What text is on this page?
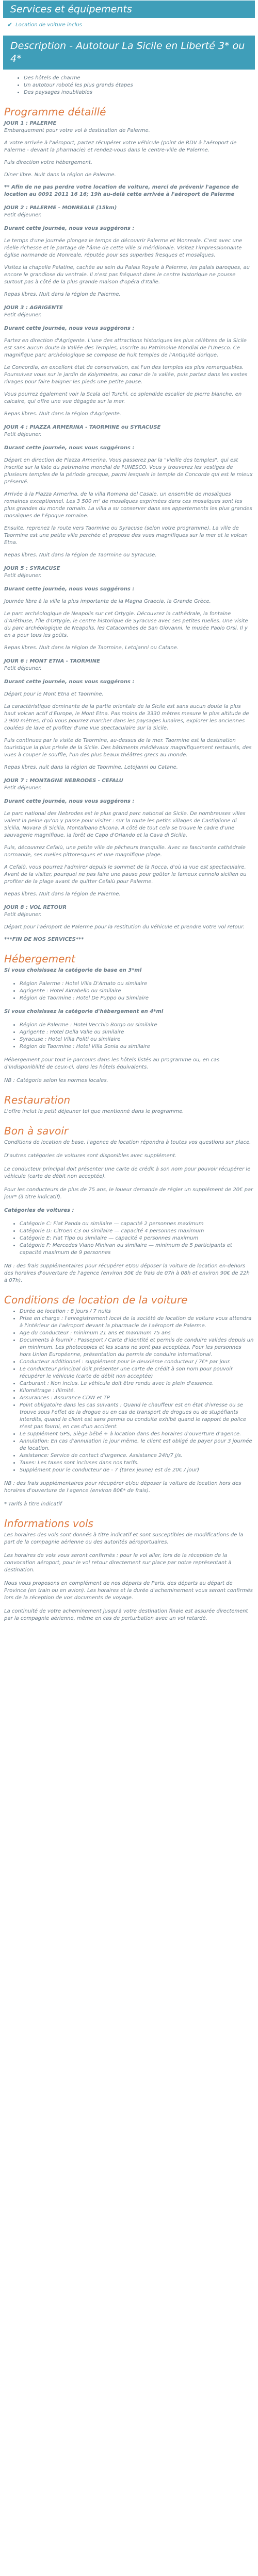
Services et équipements
✔ Location de voiture inclus
Description - Autotour La Sicile en Liberté 3* ou 4*
• Des hôtels de charme
• Un autotour roboté les plus grands étapes
• Des paysages inoubliables
Programme détaillé

JOUR 1 : PALERME

Embarquement pour votre vol à destination de Palerme.

A votre arrivée à l'aéroport, partez récupérer votre véhicule (point de RDV à l'aéroport de Palerme - devant la pharmacie) et rendez-vous dans le centre-ville de Palerme.

Puis direction votre hébergement.

Diner libre. Nuit dans la région de Palerme.

** Afin de ne pas perdre votre location de voiture, merci de prévenir l'agence de location au 0091 2011 16 16; 19h au-delà cette arrivée à l'aéroport de Palerme

JOUR 2 : PALERME - MONREALE (15km)

Petit déjeuner.

Durant cette journée, nous vous suggérons :

Le temps d'une journée plongez le temps de découvrir Palerme et Monreale. C'est avec une réelle richesse et le partage de l'âme de cette ville si méridionale. Visitez l'impressionnante église normande de Monreale, réputée pour ses superbes fresques et mosaïques.

Visitez la chapelle Palatine, cachée au sein du Palais Royale à Palerme, les palais baroques, au encore le grandiose du ventrale. Il n'est pas fréquent dans le centre historique ne pousse surtout pas à côté de la plus grande maison d'opéra d'Italie.

Repas libres. Nuit dans la région de Palerme.

JOUR 3 : AGRIGENTE

Petit déjeuner.

Durant cette journée, nous vous suggérons :

Partez en direction d'Agrigente. L'une des attractions historiques les plus célèbres de la Sicile est sans aucun doute la Vallée des Temples, inscrite au Patrimoine Mondial de l'Unesco. Ce magnifique parc archéologique se compose de huit temples de l'Antiquité dorique.

Le Concordia, en excellent état de conservation, est l'un des temples les plus remarquables. Poursuivez vous sur le jardin de Kolymbetra, au cœur de la vallée, puis partez dans les vastes rivages pour faire baigner les pieds une petite pause.

Vous pourrez également voir la Scala dei Turchi, ce splendide escalier de pierre blanche, en calcaire, qui offre une vue dégagée sur la mer.

Repas libres. Nuit dans la région d'Agrigente.

JOUR 4 : PIAZZA ARMERINA - TAORMINE ou SYRACUSE

Petit déjeuner.

Durant cette journée, nous vous suggérons :

Départ en direction de Piazza Armerina. Vous passerez par la "vieille des temples", qui est inscrite sur la liste du patrimoine mondial de l'UNESCO. Vous y trouverez les vestiges de plusieurs temples de la période grecque, parmi lesquels le temple de Concorde qui est le mieux préservé.

Arrivée à la Piazza Armerina, de la villa Romana del Casale, un ensemble de mosaïques romaines exceptionnel. Les 3 500 m² de mosaïques exprimées dans ces mosaïques sont les plus grandes du monde romain. La villa a su conserver dans ses appartements les plus grandes mosaïques de l'époque romaine.

Ensuite, reprenez la route vers Taormine ou Syracuse (selon votre programme). La ville de Taormine est une petite ville perchée et propose des vues magnifiques sur la mer et le volcan Etna.

Repas libres. Nuit dans la région de Taormine ou Syracuse.

JOUR 5 : SYRACUSE

Petit déjeuner.

Durant cette journée, nous vous suggérons :

Journée libre à la ville la plus importante de la Magna Graecia, la Grande Grèce.

Le parc archéologique de Neapolis sur cet Ortygie. Découvrez la cathédrale, la fontaine d'Aréthuse, l'île d'Ortygie, le centre historique de Syracuse avec ses petites ruelles. Une visite du parc archéologique de Neapolis, les Catacombes de San Giovanni, le musée Paolo Orsi. Il y en a pour tous les goûts.

Repas libres. Nuit dans la région de Taormine, Letojanni ou Catane.

JOUR 6 : MONT ETNA - TAORMINE

Petit déjeuner.

Durant cette journée, nous vous suggérons :

Départ pour le Mont Etna et Taormine.

La caractéristique dominante de la partie orientale de la Sicile est sans aucun doute la plus haut volcan actif d'Europe, le Mont Etna. Pas moins de 3330 mètres mesure le plus altitude de 2 900 mètres, d'où vous pourrez marcher dans les paysages lunaires, explorer les anciennes coulées de lave et profiter d'une vue spectaculaire sur la Sicile.

Puis continuez par la visite de Taormine, au-dessus de la mer. Taormine est la destination touristique la plus prisée de la Sicile. Des bâtiments médiévaux magnifiquement restaurés, des vues à couper le souffle, l'un des plus beaux théâtres grecs au monde.

Repas libres, nuit dans la région de Taormine, Letojanni ou Catane.

JOUR 7 : MONTAGNE NEBRODES - CEFALU

Petit déjeuner.

Durant cette journée, nous vous suggérons :

Le parc national des Nebrodes est le plus grand parc national de Sicile. De nombreuses villes valent la peine qu'on y passe pour visiter : sur la route les petits villages de Castiglione di Sicilia, Novara di Sicilia, Montalbano Elicona. A côté de tout cela se trouve le cadre d'une sauvagerie magnifique, la forêt de Capo d'Orlando et la Cava di Sicilia.

Puis, découvrez Cefalù, une petite ville de pêcheurs tranquille. Avec sa fascinante cathédrale normande, ses ruelles pittoresques et une magnifique plage.

A Cefalù, vous pourrez l'admirer depuis le sommet de la Rocca, d'où la vue est spectaculaire. Avant de la visiter, pourquoi ne pas faire une pause pour goûter le fameux cannolo sicilien ou profiter de la plage avant de quitter Cefalù pour Palerme.

Repas libres. Nuit dans la région de Palerme.

JOUR 8 : VOL RETOUR

Petit déjeuner.

Départ pour l'aéroport de Palerme pour la restitution du véhicule et prendre votre vol retour.

***FIN DE NOS SERVICES***

Hébergement

Si vous choisissez la catégorie de base en 3*ml

• Région Palerme : Hotel Villa D'Amato ou similaire
• Agrigente : Hotel Akrabello ou similaire
• Région de Taormine : Hotel De Puppo ou Similaire

Si vous choisissez la catégorie d'hébergement en 4*ml

• Région de Palerme : Hotel Vecchio Borgo ou similaire
• Agrigente : Hotel Della Valle ou similaire
• Syracuse : Hotel Villa Politi ou similaire
• Région de Taormine : Hotel Villa Sonia ou similaire

Hébergement pour tout le parcours dans les hôtels listés au programme ou, en cas d'indisponibilité de ceux-ci, dans les hôtels équivalents.

NB : Catégorie selon les normes locales.

Restauration

L'offre inclut le petit déjeuner tel que mentionné dans le programme.

Bon à savoir

Conditions de location de base, l'agence de location répondra à toutes vos questions sur place.

D'autres catégories de voitures sont disponibles avec supplément.

Le conducteur principal doit présenter une carte de crédit à son nom pour pouvoir récupérer le véhicule (carte de débit non acceptée).

Pour les conducteurs de plus de 75 ans, le loueur demande de régler un supplément de 20€ par jour* (à titre indicatif).

Catégories de voitures :

• Catégorie C: Fiat Panda ou similaire — capacité 2 personnes maximum
• Catégorie D: Citroen C3 ou similaire — capacité 4 personnes maximum
• Catégorie E: Fiat Tipo ou similaire — capacité 4 personnes maximum
• Catégorie F: Mercedes Viano Minivan ou similaire — minimum de 5 participants et capacité maximum de 9 personnes

NB : des frais supplémentaires pour récupérer et/ou déposer la voiture de location en-dehors des horaires d'ouverture de l'agence (environ 50€ de frais de 07h à 08h et environ 90€ de 22h à 07h).

Conditions de location de la voiture
• Durée de location : 8 jours / 7 nuits
• Prise en charge : l'enregistrement local de la société de location de voiture vous attendra à l'intérieur de l'aéroport devant la pharmacie de l'aéroport de Palerme.
• Age du conducteur : minimum 21 ans et maximum 75 ans
• Documents à fournir : Passeport / Carte d'identité et permis de conduire valides depuis un an minimum. Les photocopies et les scans ne sont pas acceptées. Pour les personnes hors Union Européenne, présentation du permis de conduire international.
• Conducteur additionnel : supplément pour le deuxième conducteur / 7€* par jour.
• Le conducteur principal doit présenter une carte de crédit à son nom pour pouvoir récupérer le véhicule (carte de débit non acceptée)
• Carburant : Non inclus. Le véhicule doit être rendu avec le plein d'essence.
• Kilométrage : Illimité.
• Assurances : Assurance CDW et TP
• Point obligatoire dans les cas suivants : Quand le chauffeur est en état d'ivresse ou se trouve sous l'effet de la drogue ou en cas de transport de drogues ou de stupéfiants interdits, quand le client est sans permis ou conduite exhibé quand le rapport de police n'est pas fourni, en cas d'un accident.
• Le supplément GPS, Siège bébé + à location dans des horaires d'ouverture d'agence.
• Annulation: En cas d'annulation le jour même, le client est obligé de payer pour 3 journée de location.
• Assistance: Service de contact d'urgence. Assistance 24h/7 j/s.
• Taxes: Les taxes sont incluses dans nos tarifs.
• Supplément pour le conducteur de - 7 (tarex jeune) est de 20€ / jour)

NB : des frais supplémentaires pour récupérer et/ou déposer la voiture de location hors des horaires d'ouverture de l'agence (environ 80€* de frais).

* Tarifs à titre indicatif

Informations vols

Les horaires des vols sont donnés à titre indicatif et sont susceptibles de modifications de la part de la compagnie aérienne ou des autorités aéroportuaires.

Les horaires de vols vous seront confirmés : pour le vol aller, lors de la réception de la convocation aéroport, pour le vol retour directement sur place par notre représentant à destination.

Nous vous proposons en complément de nos départs de Paris, des départs au départ de Province (en train ou en avion). Les horaires et la durée d'acheminement vous seront confirmés lors de la réception de vos documents de voyage.

La continuité de votre acheminement jusqu'à votre destination finale est assurée directement par la compagnie aérienne, même en cas de perturbation avec un vol retardé.
